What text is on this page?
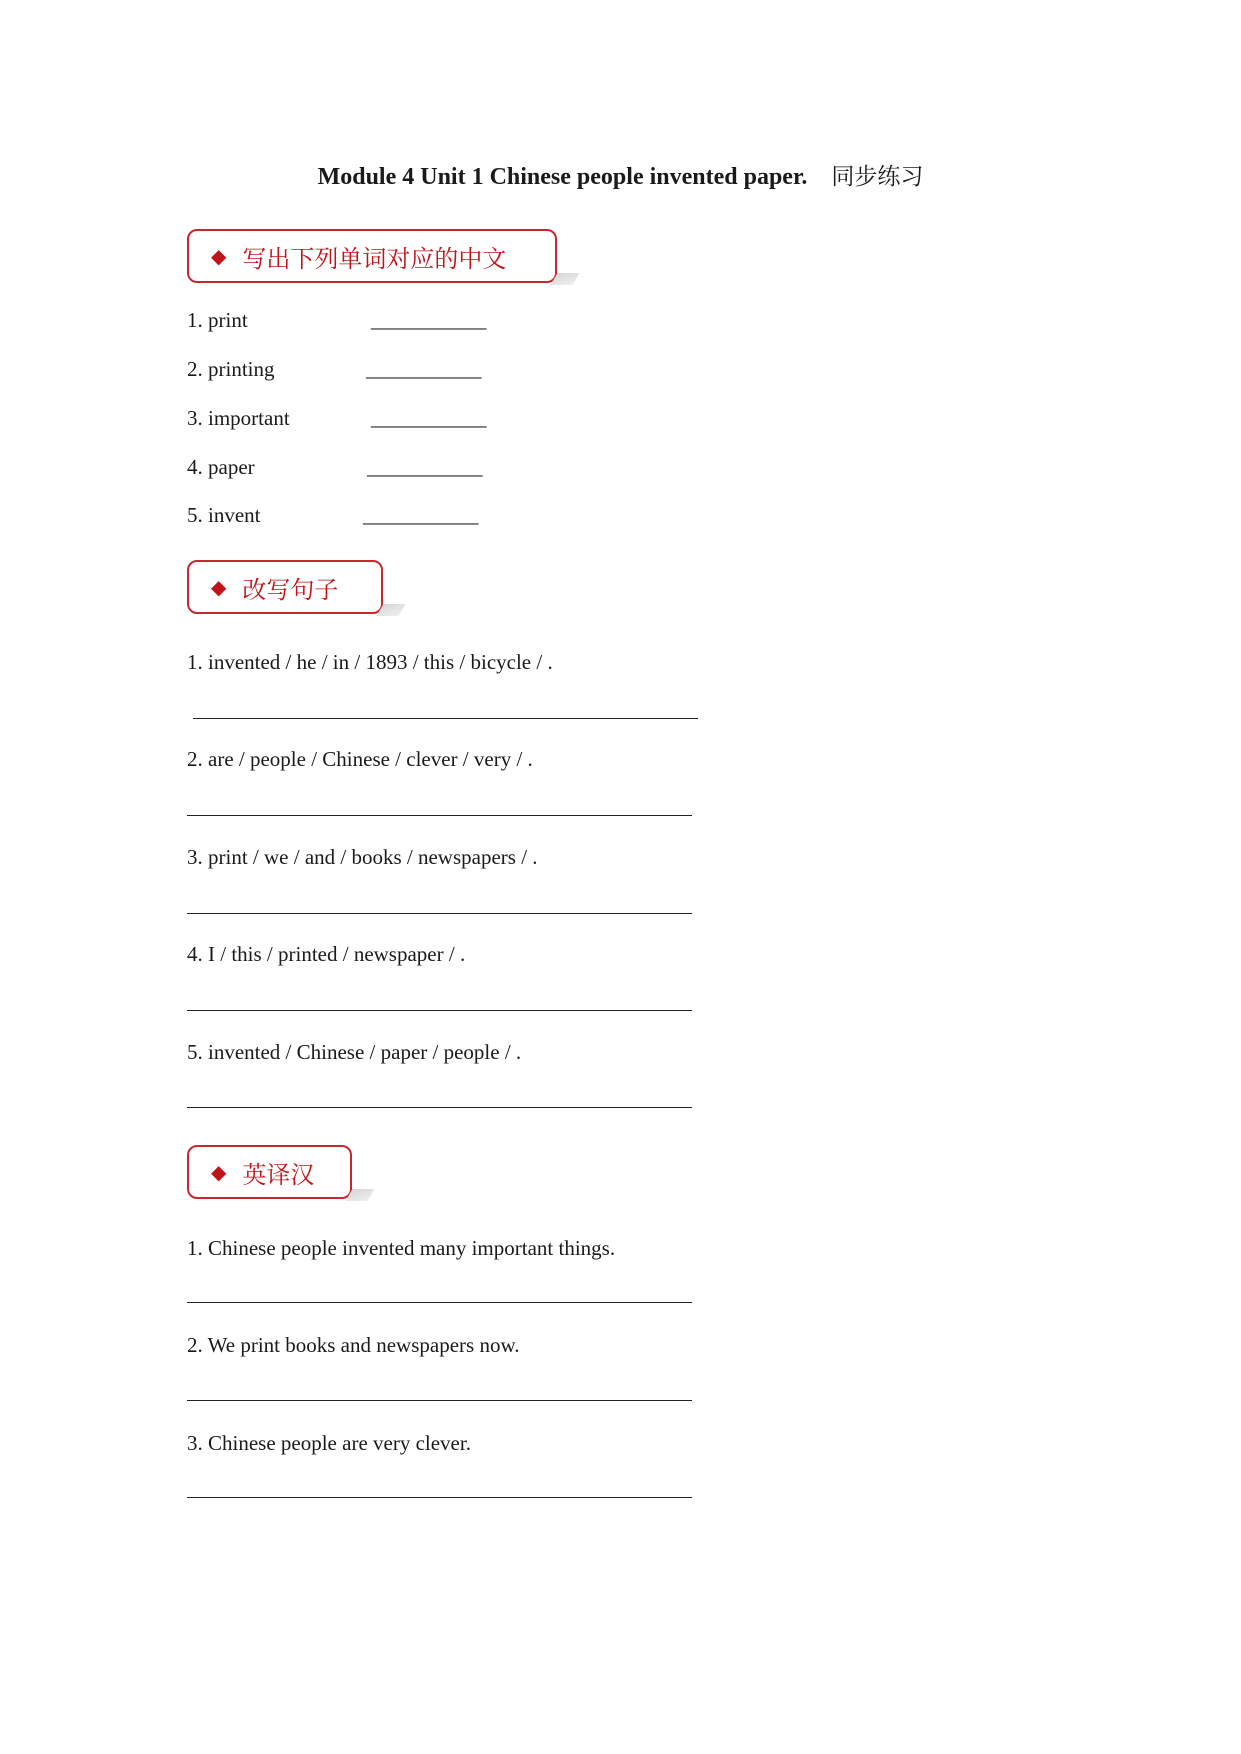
Module 4 Unit 1 Chinese people invented paper. 同步练习
◆ 写出下列单词对应的中文
1. print	___________
2. printing	___________
3. important	___________
4. paper	___________
5. invent	___________
◆ 改写句子
1. invented / he / in / 1893 / this / bicycle / .
2. are / people / Chinese / clever / very / .
3. print / we / and / books / newspapers / .
4. I / this / printed / newspaper / .
5. invented / Chinese / paper / people / .
◆ 英译汉
1. Chinese people invented many important things.
2. We print books and newspapers now.
3. Chinese people are very clever.
